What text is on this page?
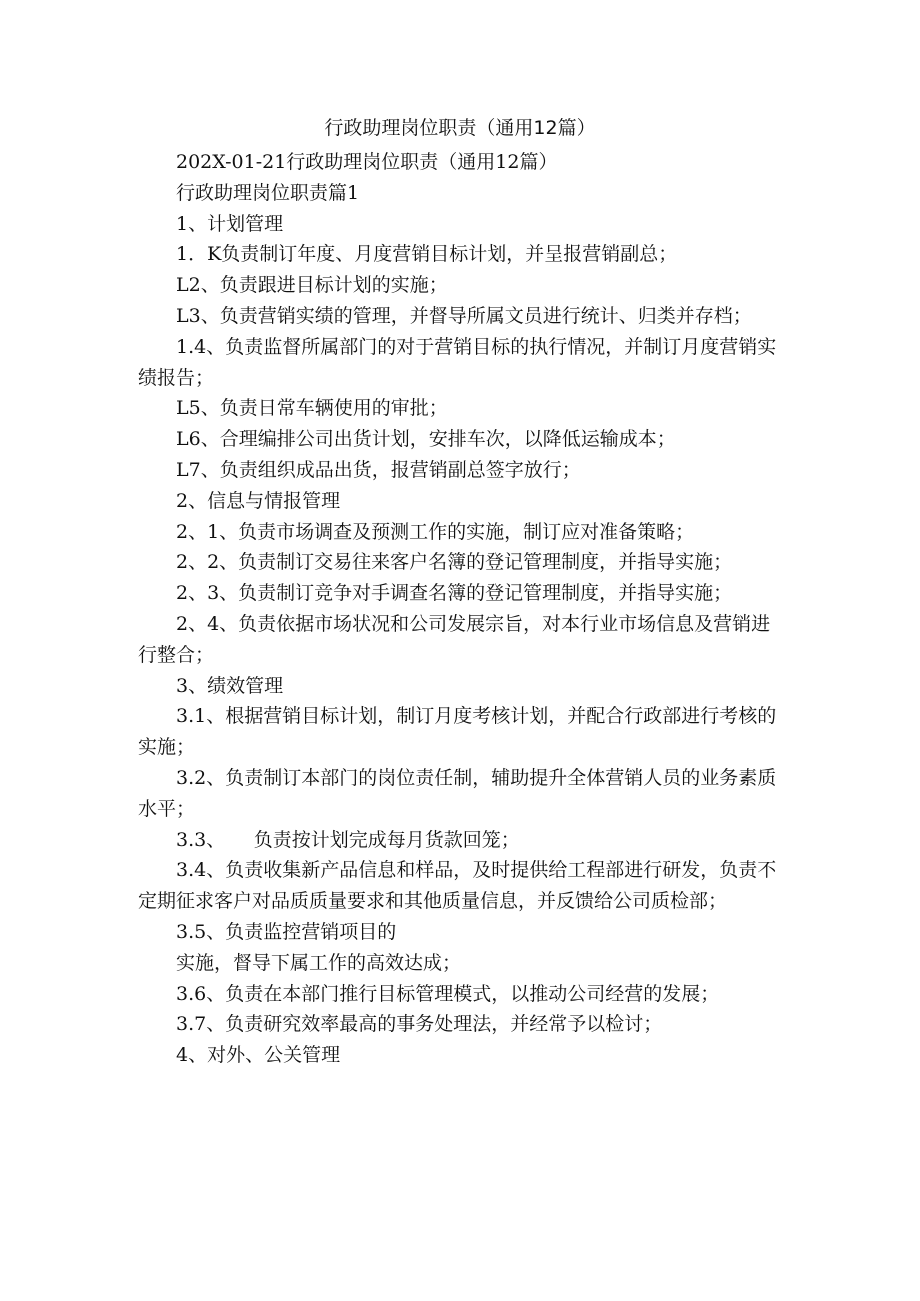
行政助理岗位职责（通用12篇）

202X-01-21行政助理岗位职责（通用12篇）

行政助理岗位职责篇1

1、计划管理

1．K负责制订年度、月度营销目标计划，并呈报营销副总；

L2、负责跟进目标计划的实施；

L3、负责营销实绩的管理，并督导所属文员进行统计、归类并存档；

1.4、负责监督所属部门的对于营销目标的执行情况，并制订月度营销实绩报告；

L5、负责日常车辆使用的审批；

L6、合理编排公司出货计划，安排车次，以降低运输成本；

L7、负责组织成品出货，报营销副总签字放行；

2、信息与情报管理

2、1、负责市场调查及预测工作的实施，制订应对准备策略；

2、2、负责制订交易往来客户名簿的登记管理制度，并指导实施；

2、3、负责制订竞争对手调查名簿的登记管理制度，并指导实施；

2、4、负责依据市场状况和公司发展宗旨，对本行业市场信息及营销进行整合；

3、绩效管理

3.1、根据营销目标计划，制订月度考核计划，并配合行政部进行考核的实施；

3.2、负责制订本部门的岗位责任制，辅助提升全体营销人员的业务素质水平；

3.3、　　负责按计划完成每月货款回笼；

3.4、负责收集新产品信息和样品，及时提供给工程部进行研发，负责不定期征求客户对品质质量要求和其他质量信息，并反馈给公司质检部；

3.5、负责监控营销项目的

实施，督导下属工作的高效达成；

3.6、负责在本部门推行目标管理模式，以推动公司经营的发展；

3.7、负责研究效率最高的事务处理法，并经常予以检讨；

4、对外、公关管理
